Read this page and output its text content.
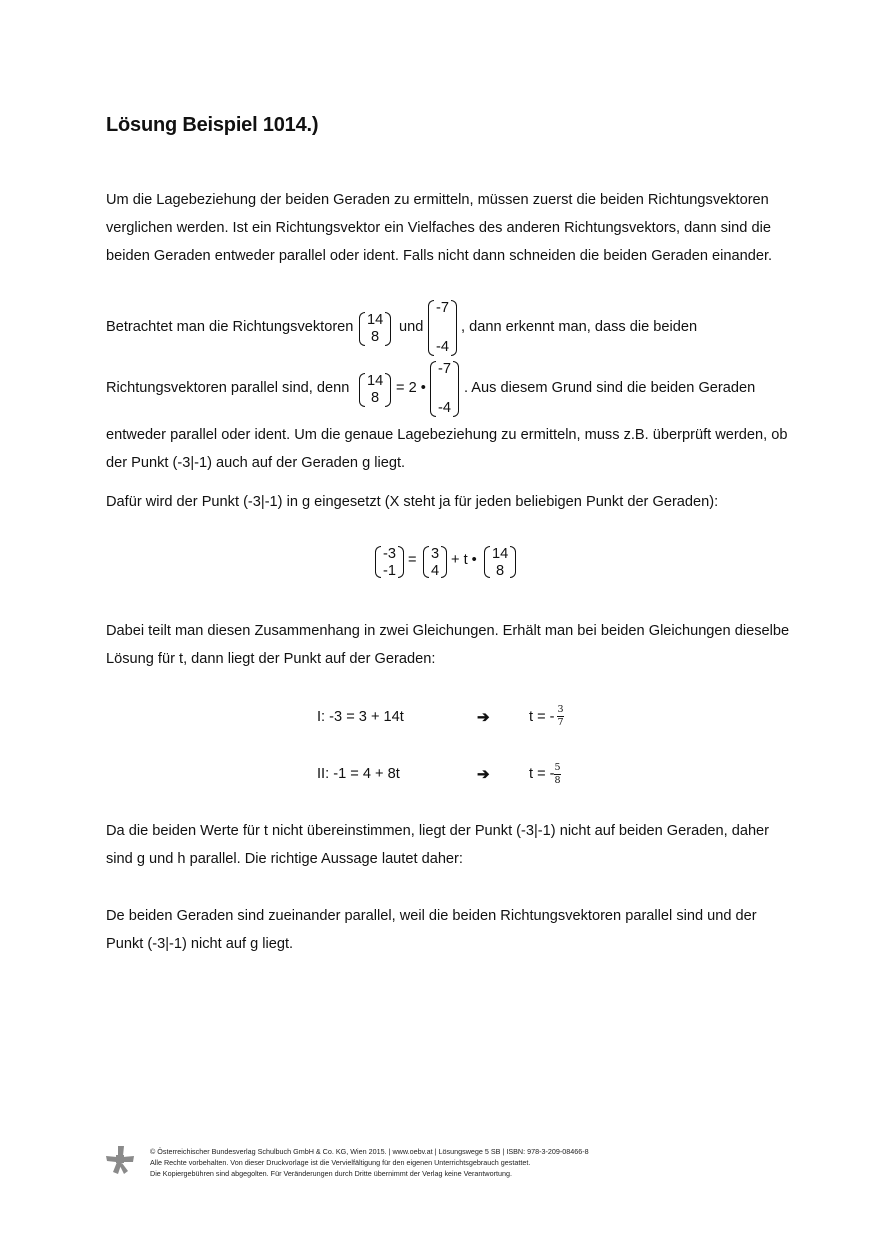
Lösung Beispiel 1014.)
Um die Lagebeziehung der beiden Geraden zu ermitteln, müssen zuerst die beiden Richtungsvektoren verglichen werden. Ist ein Richtungsvektor ein Vielfaches des anderen Richtungsvektors, dann sind die beiden Geraden entweder parallel oder ident. Falls nicht dann schneiden die beiden Geraden einander.
Betrachtet man die Richtungsvektoren 14
8
und
-7
-4
, dann erkennt man, dass die beiden
Richtungsvektoren parallel sind, denn 14
8
= 2 •
-7
-4
. Aus diesem Grund sind die beiden Geraden
entweder parallel oder ident. Um die genaue Lagebeziehung zu ermitteln, muss z.B. überprüft werden, ob der Punkt (-3|-1) auch auf der Geraden g liegt.
Dafür wird der Punkt (-3|-1) in g eingesetzt (X steht ja für jeden beliebigen Punkt der Geraden):
-3
-1
= 3
4
+ t • 14
8
Dabei teilt man diesen Zusammenhang in zwei Gleichungen. Erhält man bei beiden Gleichungen dieselbe Lösung für t, dann liegt der Punkt auf der Geraden:
I: -3 = 3 + 14t	➔	t = - 3
7
II: -1 = 4 + 8t	➔	t = - 5
8
Da die beiden Werte für t nicht übereinstimmen, liegt der Punkt (-3|-1) nicht auf beiden Geraden, daher sind g und h parallel. Die richtige Aussage lautet daher:
De beiden Geraden sind zueinander parallel, weil die beiden Richtungsvektoren parallel sind und der Punkt (-3|-1) nicht auf g liegt.
© Österreichischer Bundesverlag Schulbuch GmbH & Co. KG, Wien 2015. | www.oebv.at | Lösungswege 5 SB | ISBN: 978-3-209-08466-8
Alle Rechte vorbehalten. Von dieser Druckvorlage ist die Vervielfältigung für den eigenen Unterrichtsgebrauch gestattet.
Die Kopiergebühren sind abgegolten. Für Veränderungen durch Dritte übernimmt der Verlag keine Verantwortung.
